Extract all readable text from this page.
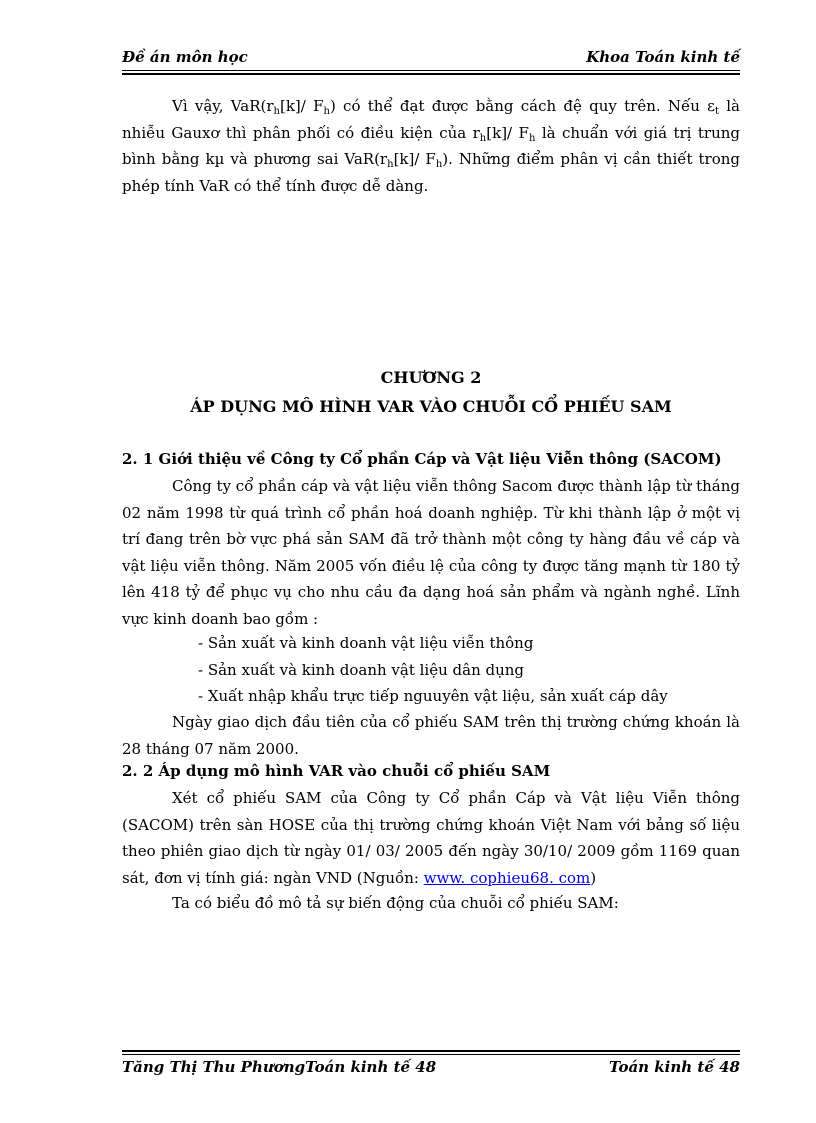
Đề án môn học	Khoa Toán kinh tế

Vì vậy, $VaR(r_h[k]/$ $F_h$) có thể đạt được bằng cách đệ quy trên. Nếu $\varepsilon_t$ là nhiễu Gauxơ thì phân phối có điều kiện của $r_h[k]/$ $F_h$ là chuẩn với giá trị trung bình bằng kµ và phương sai $VaR(r_h[k]/$ $F_h$). Những điểm phân vị cần thiết trong phép tính VaR có thể tính được dễ dàng.

CHƯƠNG 2
ÁP DỤNG MÔ HÌNH VAR VÀO CHUỖI CỔ PHIẾU SAM
2. 1 Giới thiệu về Công ty Cổ phần Cáp và Vật liệu Viễn thông (SACOM)

Công ty cổ phần cáp và vật liệu viễn thông Sacom được thành lập từ tháng 02 năm 1998 từ quá trình cổ phần hoá doanh nghiệp. Từ khi thành lập ở một vị trí đang trên bờ vực phá sản SAM đã trở thành một công ty hàng đầu về cáp và vật liệu viễn thông. Năm 2005 vốn điều lệ của công ty được tăng mạnh từ 180 tỷ lên 418 tỷ để phục vụ cho nhu cầu đa dạng hoá sản phẩm và ngành nghề. Lĩnh vực kinh doanh bao gồm :

- Sản xuất và kinh doanh vật liệu viễn thông
- Sản xuất và kinh doanh vật liệu dân dụng
- Xuất nhập khẩu trực tiếp nguuyên vật liệu, sản xuất cáp dây

Ngày giao dịch đầu tiên của cổ phiếu SAM trên thị trường chứng khoán là 28 tháng 07 năm 2000.

2. 2 Áp dụng mô hình VAR vào chuỗi cổ phiếu SAM

Xét cổ phiếu SAM của Công ty Cổ phần Cáp và Vật liệu Viễn thông (SACOM) trên sàn HOSE của thị trường chứng khoán Việt Nam với bảng số liệu theo phiên giao dịch từ ngày 01/ 03/ 2005 đến ngày 30/10/ 2009 gồm 1169 quan sát, đơn vị tính giá: ngàn VND (Nguồn: www. cophieu68. com)

Ta có biểu đồ mô tả sự biến động của chuỗi cổ phiếu SAM:

Tăng Thị Thu PhươngToán kinh tế 48	Toán kinh tế 48
